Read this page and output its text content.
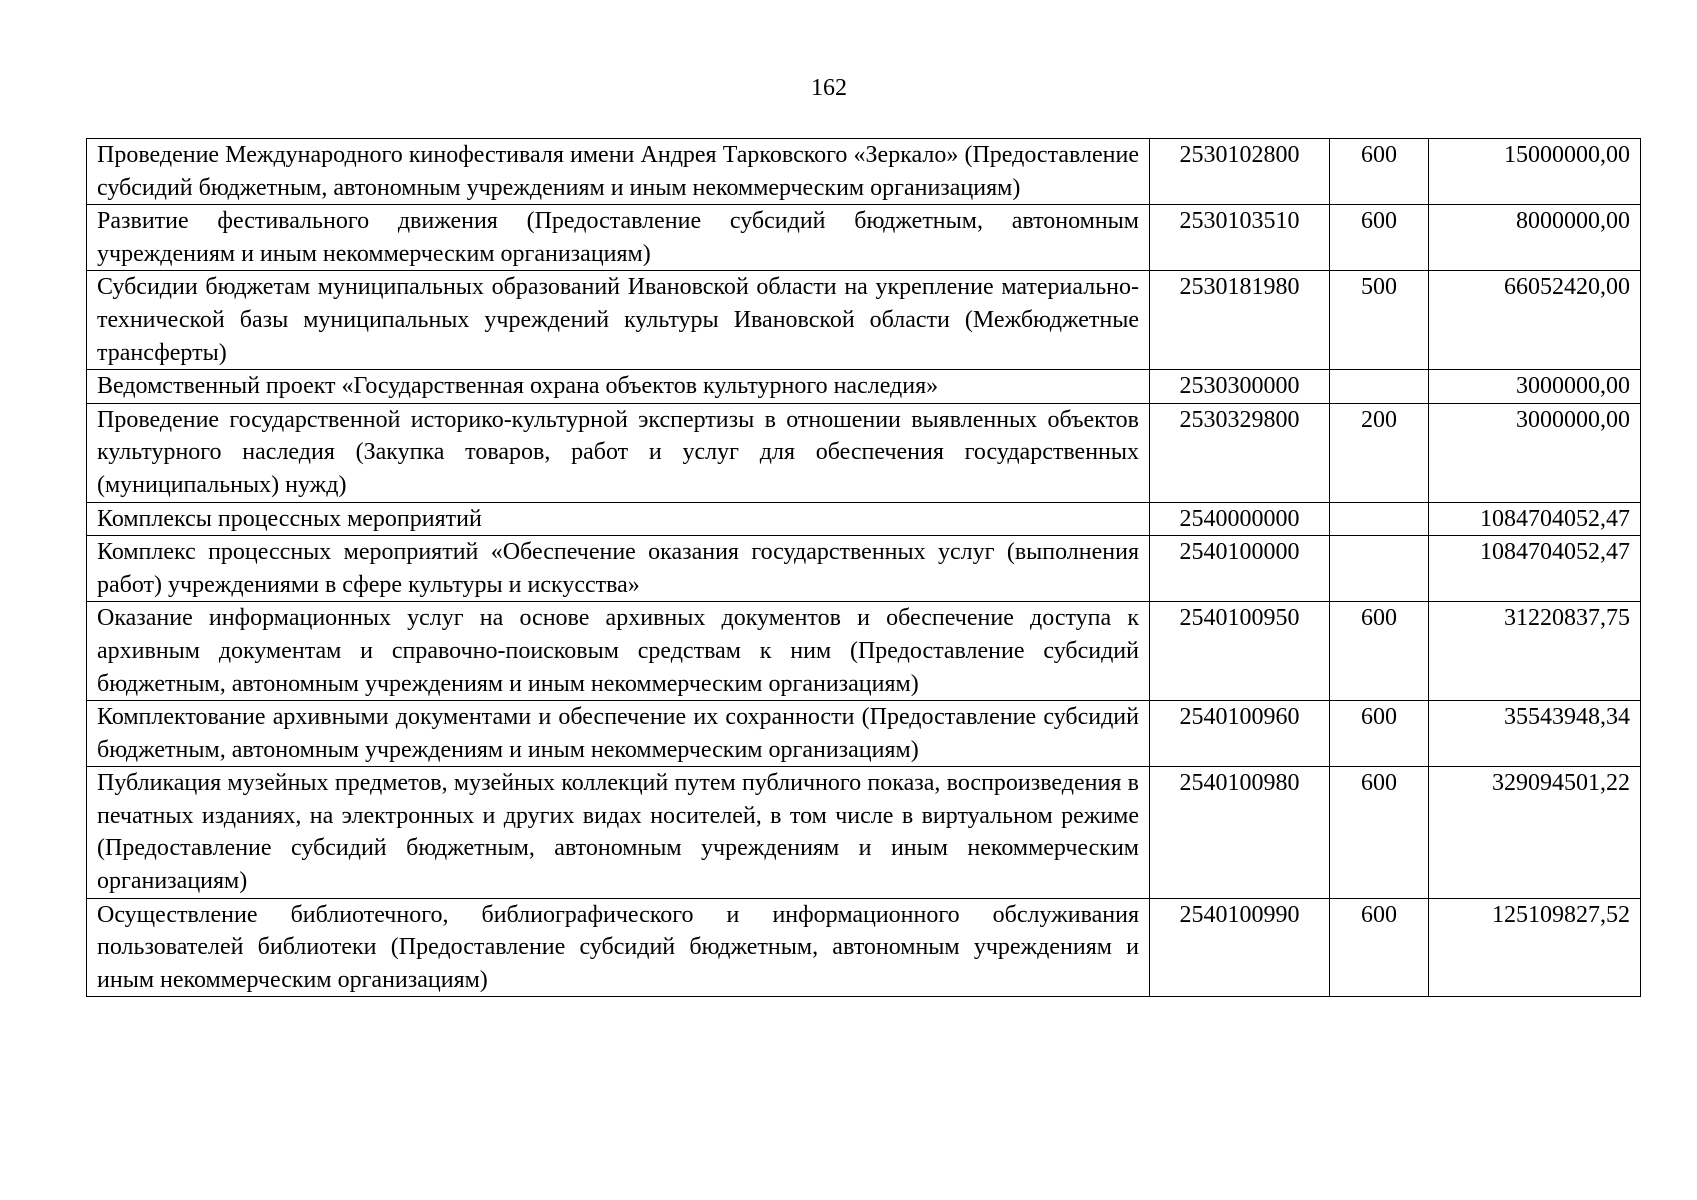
162
Проведение Международного кинофестиваля имени Андрея Тарковского «Зеркало» (Предоставление субсидий бюджетным, автономным учреждениям и иным некоммерческим организациям)	2530102800	600	15000000,00
Развитие фестивального движения (Предоставление субсидий бюджетным, автономным учреждениям и иным некоммерческим организациям)	2530103510	600	8000000,00
Субсидии бюджетам муниципальных образований Ивановской области на укрепление материально-технической базы муниципальных учреждений культуры Ивановской области (Межбюджетные трансферты)	2530181980	500	66052420,00
Ведомственный проект «Государственная охрана объектов культурного наследия»	2530300000		3000000,00
Проведение государственной историко-культурной экспертизы в отношении выявленных объектов культурного наследия (Закупка товаров, работ и услуг для обеспечения государственных (муниципальных) нужд)	2530329800	200	3000000,00
Комплексы процессных мероприятий	2540000000		1084704052,47
Комплекс процессных мероприятий «Обеспечение оказания государственных услуг (выполнения работ) учреждениями в сфере культуры и искусства»	2540100000		1084704052,47
Оказание информационных услуг на основе архивных документов и обеспечение доступа к архивным документам и справочно-поисковым средствам к ним (Предоставление субсидий бюджетным, автономным учреждениям и иным некоммерческим организациям)	2540100950	600	31220837,75
Комплектование архивными документами и обеспечение их сохранности (Предоставление субсидий бюджетным, автономным учреждениям и иным некоммерческим организациям)	2540100960	600	35543948,34
Публикация музейных предметов, музейных коллекций путем публичного показа, воспроизведения в печатных изданиях, на электронных и других видах носителей, в том числе в виртуальном режиме (Предоставление субсидий бюджетным, автономным учреждениям и иным некоммерческим организациям)	2540100980	600	329094501,22
Осуществление библиотечного, библиографического и информационного обслуживания пользователей библиотеки (Предоставление субсидий бюджетным, автономным учреждениям и иным некоммерческим организациям)	2540100990	600	125109827,52
